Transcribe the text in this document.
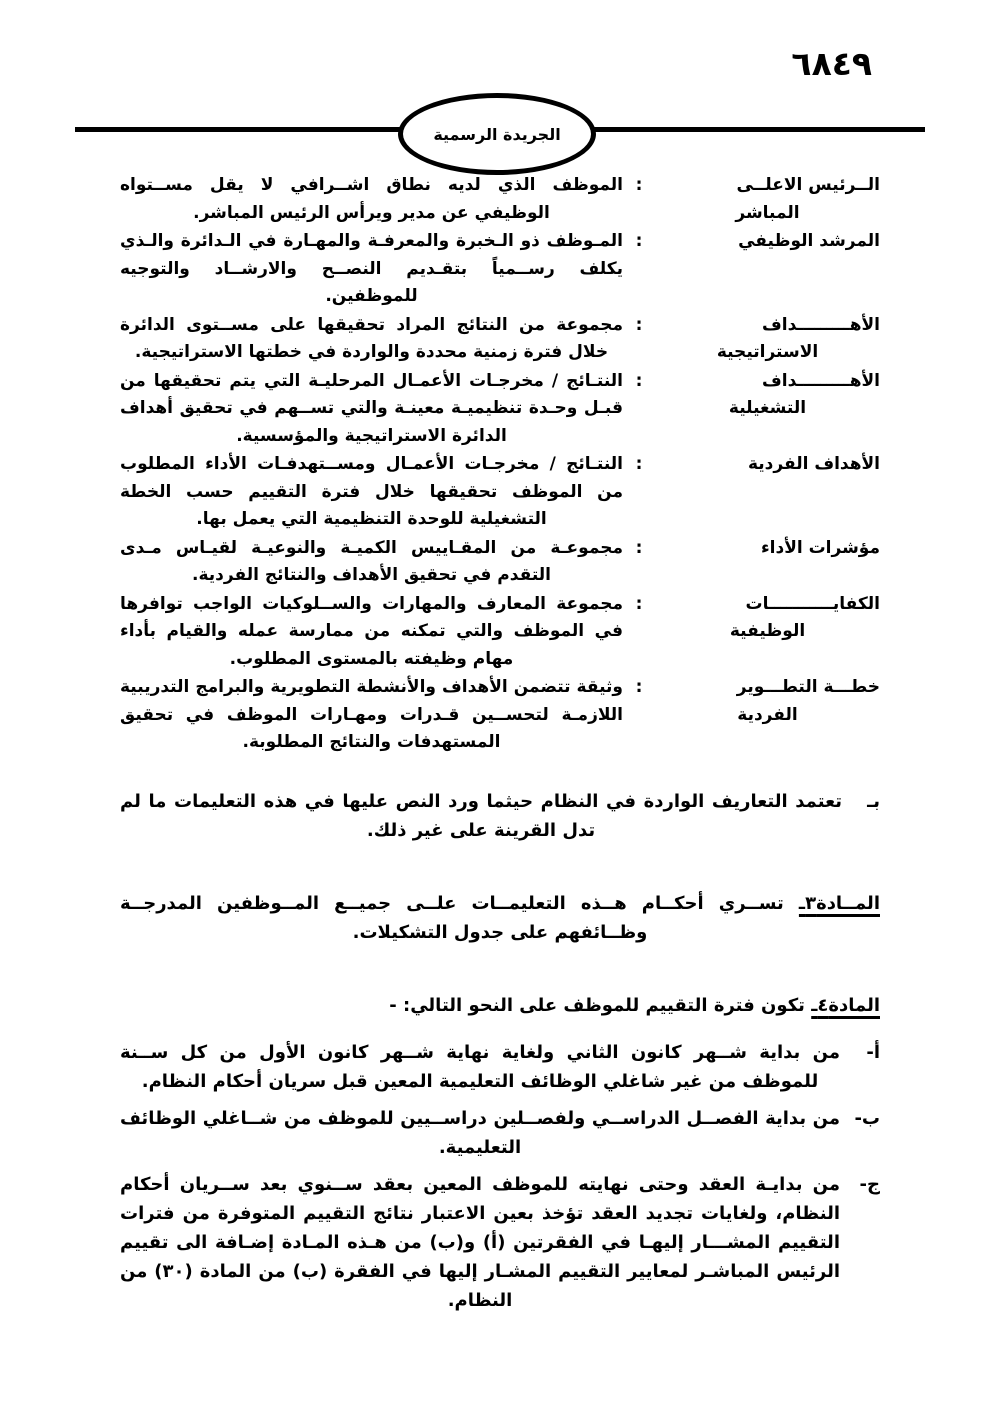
٦٨٤٩
الجريدة الرسمية
الــرئيس الاعلــى
المباشر
:
الموظف الذي لديه نطاق اشــرافي لا يقل مســتواه الوظيفي عن مدير ويرأس الرئيس المباشر.
المرشد الوظيفي
:
المـوظف ذو الـخبرة والمعرفـة والمهـارة في الـدائرة والـذي يكلف رســمياً بتقـديم النصــح والارشــاد والتوجيه للموظفين.
الأهـــــــــداف
الاستراتيجية
:
مجموعة من النتائج المراد تحقيقها على مســتوى الدائرة خلال فترة زمنية محددة والواردة في خطتها الاستراتيجية.
الأهـــــــــداف
التشغيلية
:
النتـائج / مخرجـات الأعمـال المرحليـة التي يتم تحقيقها من قبـل وحـدة تنظيميـة معينـة والتي تســهم في تحقيق أهداف الدائرة الاستراتيجية والمؤسسية.
الأهداف الفردية
:
النتـائج / مخرجـات الأعمـال ومســتهدفـات الأداء المطلوب من الموظف تحقيقها خلال فترة التقييم حسب الخطة التشغيلية للوحدة التنظيمية التي يعمل بها.
مؤشرات الأداء
:
مجموعـة من المقـاييس الكميـة والنوعيـة لقيـاس مـدى التقدم في تحقيق الأهداف والنتائج الفردية.
الكفايـــــــــــات
الوظيفية
:
مجموعة المعارف والمهارات والســلوكيات الواجب توافرها في الموظف والتي تمكنه من ممارسة عمله والقيام بأداء مهام وظيفته بالمستوى المطلوب.
خطـــة التطـــوير
الفردية
:
وثيقة تتضمن الأهداف والأنشطة التطويرية والبرامج التدريبية اللازمـة لتحســين قـدرات ومهـارات الموظف في تحقيق المستهدفات والنتائج المطلوبة.
بـ
تعتمد التعاريف الواردة في النظام حيثما ورد النص عليها في هذه التعليمات ما لم تدل القرينة على غير ذلك.

المــادة٣ـ تســري أحكــام هــذه التعليمــات علــى جميــع المــوظفين المدرجــة وظــائفهم على جدول التشكيلات.

المادة٤ـ تكون فترة التقييم للموظف على النحو التالي: -

أ-
من بداية شــهر كانون الثاني ولغاية نهاية شــهر كانون الأول من كل ســنة للموظف من غير شاغلي الوظائف التعليمية المعين قبل سريان أحكام النظام.
ب-
من بداية الفصــل الدراســي ولفصــلين دراســيين للموظف من شــاغلي الوظائف التعليمية.
ج-
من بدايـة العقد وحتى نهايته للموظف المعين بعقد ســنوي بعد ســريان أحكام النظام، ولغايات تجديد العقد تؤخذ بعين الاعتبار نتائج التقييم المتوفرة من فترات التقييم المشـــار إليهـا في الفقرتين (أ) و(ب) من هـذه المـادة إضـافة الى تقييم الرئيس المباشـر لمعايير التقييم المشـار إليها في الفقرة (ب) من المادة (٣٠) من النظام.
